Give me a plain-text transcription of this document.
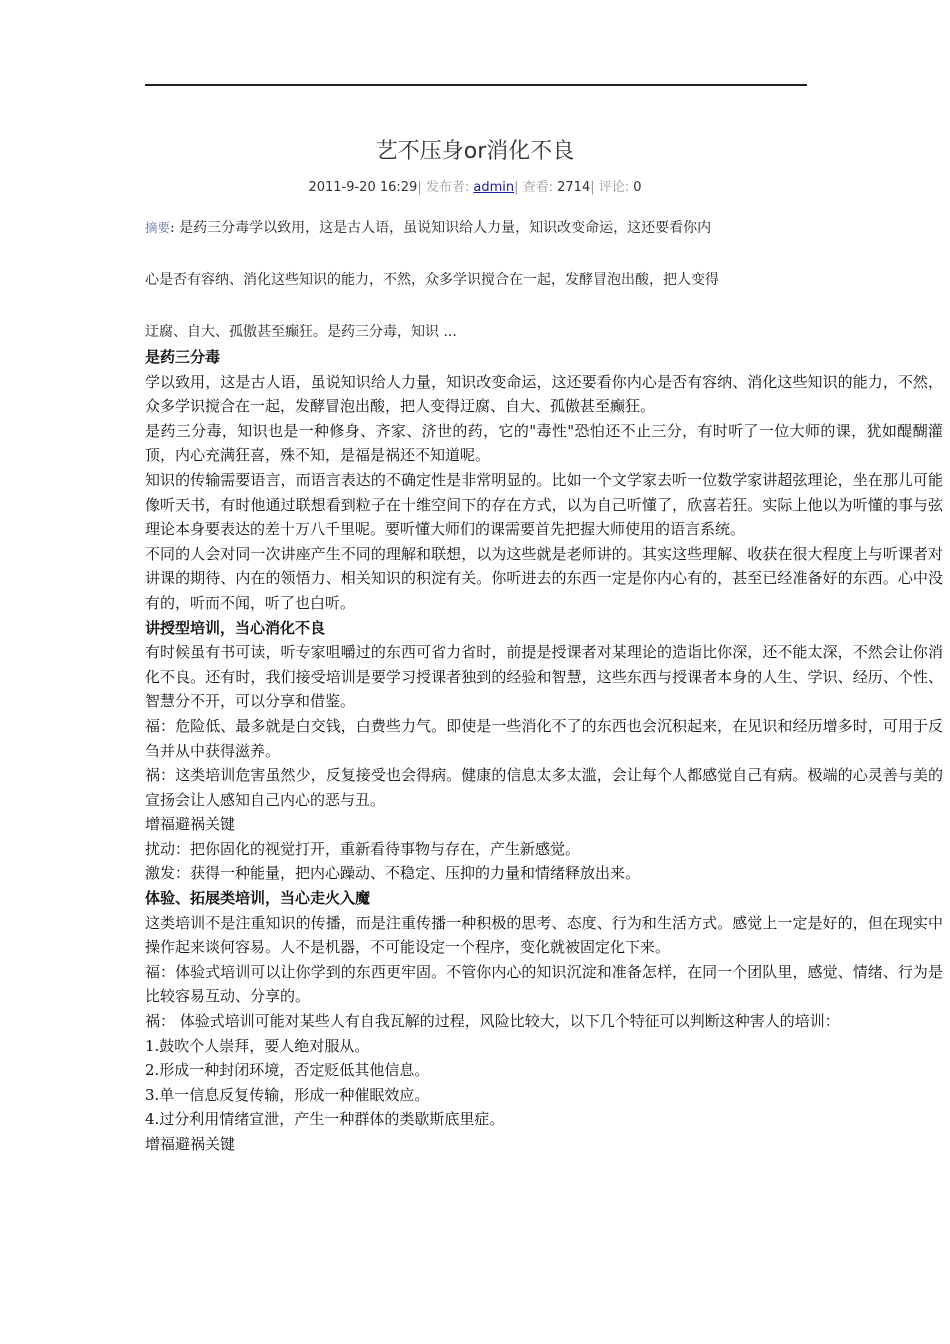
艺不压身or消化不良
2011-9-20 16:29| 发布者: admin| 查看: 2714| 评论: 0
摘要: 是药三分毒学以致用，这是古人语，虽说知识给人力量，知识改变命运，这还要看你内
心是否有容纳、消化这些知识的能力，不然，众多学识搅合在一起，发酵冒泡出酸，把人变得
迂腐、自大、孤傲甚至癫狂。是药三分毒，知识 ...

是药三分毒

学以致用，这是古人语，虽说知识给人力量，知识改变命运，这还要看你内心是否有容纳、消化这些知识的能力，不然，众多学识搅合在一起，发酵冒泡出酸，把人变得迂腐、自大、孤傲甚至癫狂。

是药三分毒，知识也是一种修身、齐家、济世的药，它的"毒性"恐怕还不止三分，有时听了一位大师的课，犹如醍醐灌顶，内心充满狂喜，殊不知，是福是祸还不知道呢。

知识的传输需要语言，而语言表达的不确定性是非常明显的。比如一个文学家去听一位数学家讲超弦理论，坐在那儿可能像听天书，有时他通过联想看到粒子在十维空间下的存在方式，以为自己听懂了，欣喜若狂。实际上他以为听懂的事与弦理论本身要表达的差十万八千里呢。要听懂大师们的课需要首先把握大师使用的语言系统。

不同的人会对同一次讲座产生不同的理解和联想，以为这些就是老师讲的。其实这些理解、收获在很大程度上与听课者对讲课的期待、内在的领悟力、相关知识的积淀有关。你听进去的东西一定是你内心有的，甚至已经准备好的东西。心中没有的，听而不闻，听了也白听。

讲授型培训，当心消化不良

有时候虽有书可读，听专家咀嚼过的东西可省力省时，前提是授课者对某理论的造诣比你深，还不能太深，不然会让你消化不良。还有时，我们接受培训是要学习授课者独到的经验和智慧，这些东西与授课者本身的人生、学识、经历、个性、智慧分不开，可以分享和借鉴。

福：危险低、最多就是白交钱，白费些力气。即使是一些消化不了的东西也会沉积起来，在见识和经历增多时，可用于反刍并从中获得滋养。

祸：这类培训危害虽然少，反复接受也会得病。健康的信息太多太滥，会让每个人都感觉自己有病。极端的心灵善与美的宣扬会让人感知自己内心的恶与丑。

增福避祸关键

扰动：把你固化的视觉打开，重新看待事物与存在，产生新感觉。

激发：获得一种能量，把内心躁动、不稳定、压抑的力量和情绪释放出来。

体验、拓展类培训，当心走火入魔

这类培训不是注重知识的传播，而是注重传播一种积极的思考、态度、行为和生活方式。感觉上一定是好的，但在现实中操作起来谈何容易。人不是机器，不可能设定一个程序，变化就被固定化下来。

福：体验式培训可以让你学到的东西更牢固。不管你内心的知识沉淀和准备怎样，在同一个团队里，感觉、情绪、行为是比较容易互动、分享的。

祸： 体验式培训可能对某些人有自我瓦解的过程，风险比较大，以下几个特征可以判断这种害人的培训：

1.鼓吹个人崇拜，要人绝对服从。

2.形成一种封闭环境，否定贬低其他信息。

3.单一信息反复传输，形成一种催眠效应。

4.过分利用情绪宣泄，产生一种群体的类歇斯底里症。

增福避祸关键
